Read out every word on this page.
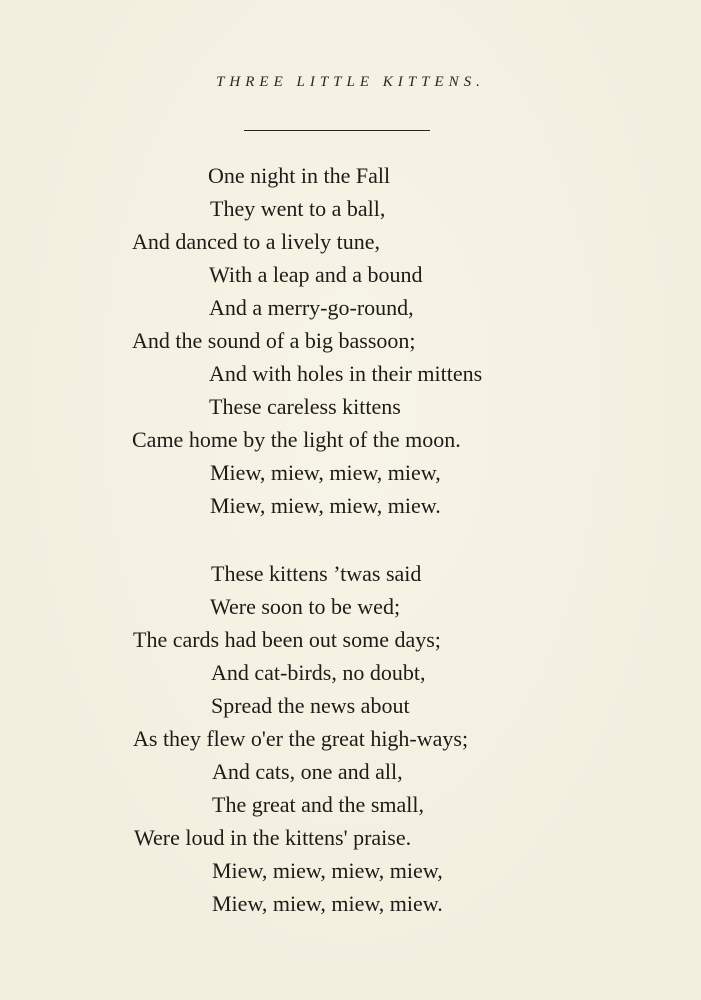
THREE LITTLE KITTENS.
One night in the Fall
They went to a ball,
And danced to a lively tune,
With a leap and a bound
And a merry-go-round,
And the sound of a big bassoon;
And with holes in their mittens
These careless kittens
Came home by the light of the moon.
Miew, miew, miew, miew,
Miew, miew, miew, miew.
These kittens ’twas said
Were soon to be wed;
The cards had been out some days;
And cat-birds, no doubt,
Spread the news about
As they flew o'er the great high-ways;
And cats, one and all,
The great and the small,
Were loud in the kittens' praise.
Miew, miew, miew, miew,
Miew, miew, miew, miew.
